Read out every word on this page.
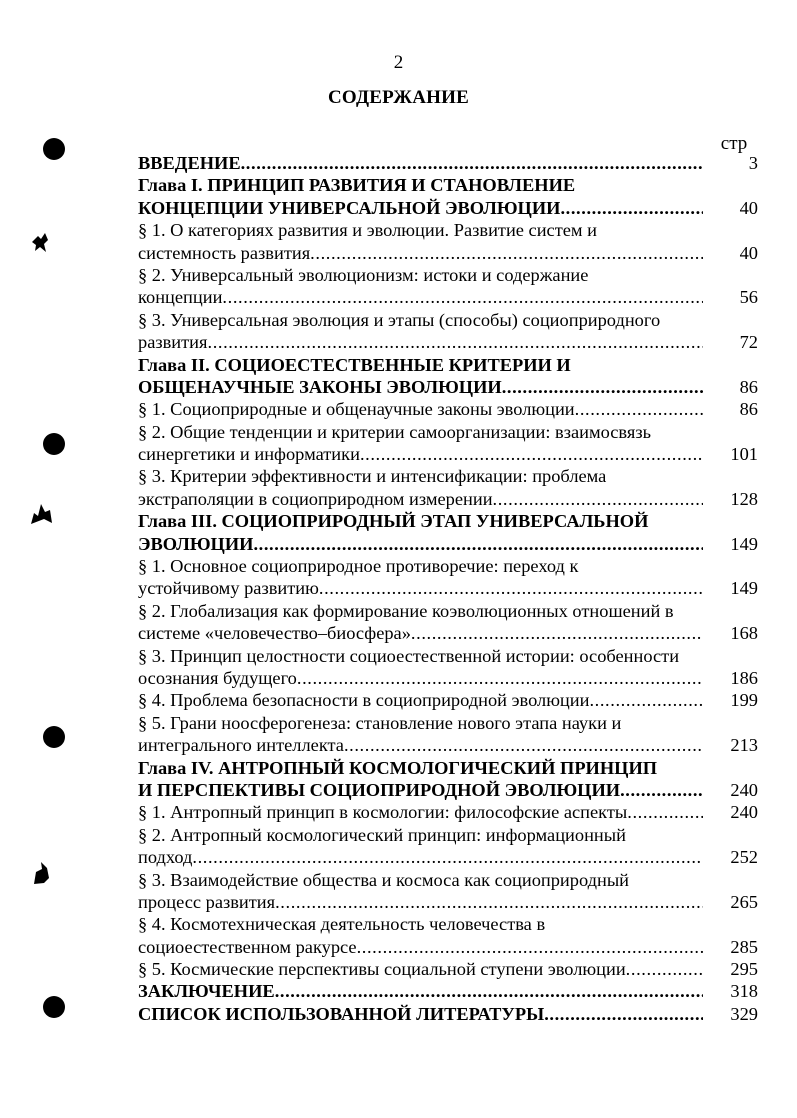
2
СОДЕРЖАНИЕ
стр
ВВЕДЕНИЕ .....	3
Глава I. ПРИНЦИП РАЗВИТИЯ И СТАНОВЛЕНИЕ
КОНЦЕПЦИИ УНИВЕРСАЛЬНОЙ ЭВОЛЮЦИИ .....	40
§ 1. О категориях развития и эволюции. Развитие систем и
системность развития .....	40
§ 2. Универсальный эволюционизм: истоки и содержание
концепции .....	56
§ 3. Универсальная эволюция и этапы (способы) социоприродного
развития .....	72
Глава II. СОЦИОЕСТЕСТВЕННЫЕ КРИТЕРИИ И
ОБЩЕНАУЧНЫЕ ЗАКОНЫ ЭВОЛЮЦИИ .....	86
§ 1. Социоприродные и общенаучные законы эволюции .....	86
§ 2. Общие тенденции и критерии самоорганизации: взаимосвязь
синергетики и информатики .....	101
§ 3. Критерии эффективности и интенсификации: проблема
экстраполяции в социоприродном измерении .....	128
Глава III. СОЦИОПРИРОДНЫЙ ЭТАП УНИВЕРСАЛЬНОЙ
ЭВОЛЮЦИИ .....	149
§ 1. Основное социоприродное противоречие: переход к
устойчивому развитию .....	149
§ 2. Глобализация как формирование коэволюционных отношений в
системе «человечество–биосфера» .....	168
§ 3. Принцип целостности социоестественной истории: особенности
осознания будущего .....	186
§ 4. Проблема безопасности в социоприродной эволюции .....	199
§ 5. Грани ноосферогенеза: становление нового этапа науки и
интегрального интеллекта .....	213
Глава IV. АНТРОПНЫЙ КОСМОЛОГИЧЕСКИЙ ПРИНЦИП
И ПЕРСПЕКТИВЫ СОЦИОПРИРОДНОЙ ЭВОЛЮЦИИ .....	240
§ 1. Антропный принцип в космологии: философские аспекты .....	240
§ 2. Антропный космологический принцип: информационный
подход .....	252
§ 3. Взаимодействие общества и космоса как социоприродный
процесс развития .....	265
§ 4. Космотехническая деятельность человечества в
социоестественном ракурсе .....	285
§ 5. Космические перспективы социальной ступени эволюции .....	295
ЗАКЛЮЧЕНИЕ .....	318
СПИСОК ИСПОЛЬЗОВАННОЙ ЛИТЕРАТУРЫ .....	329
